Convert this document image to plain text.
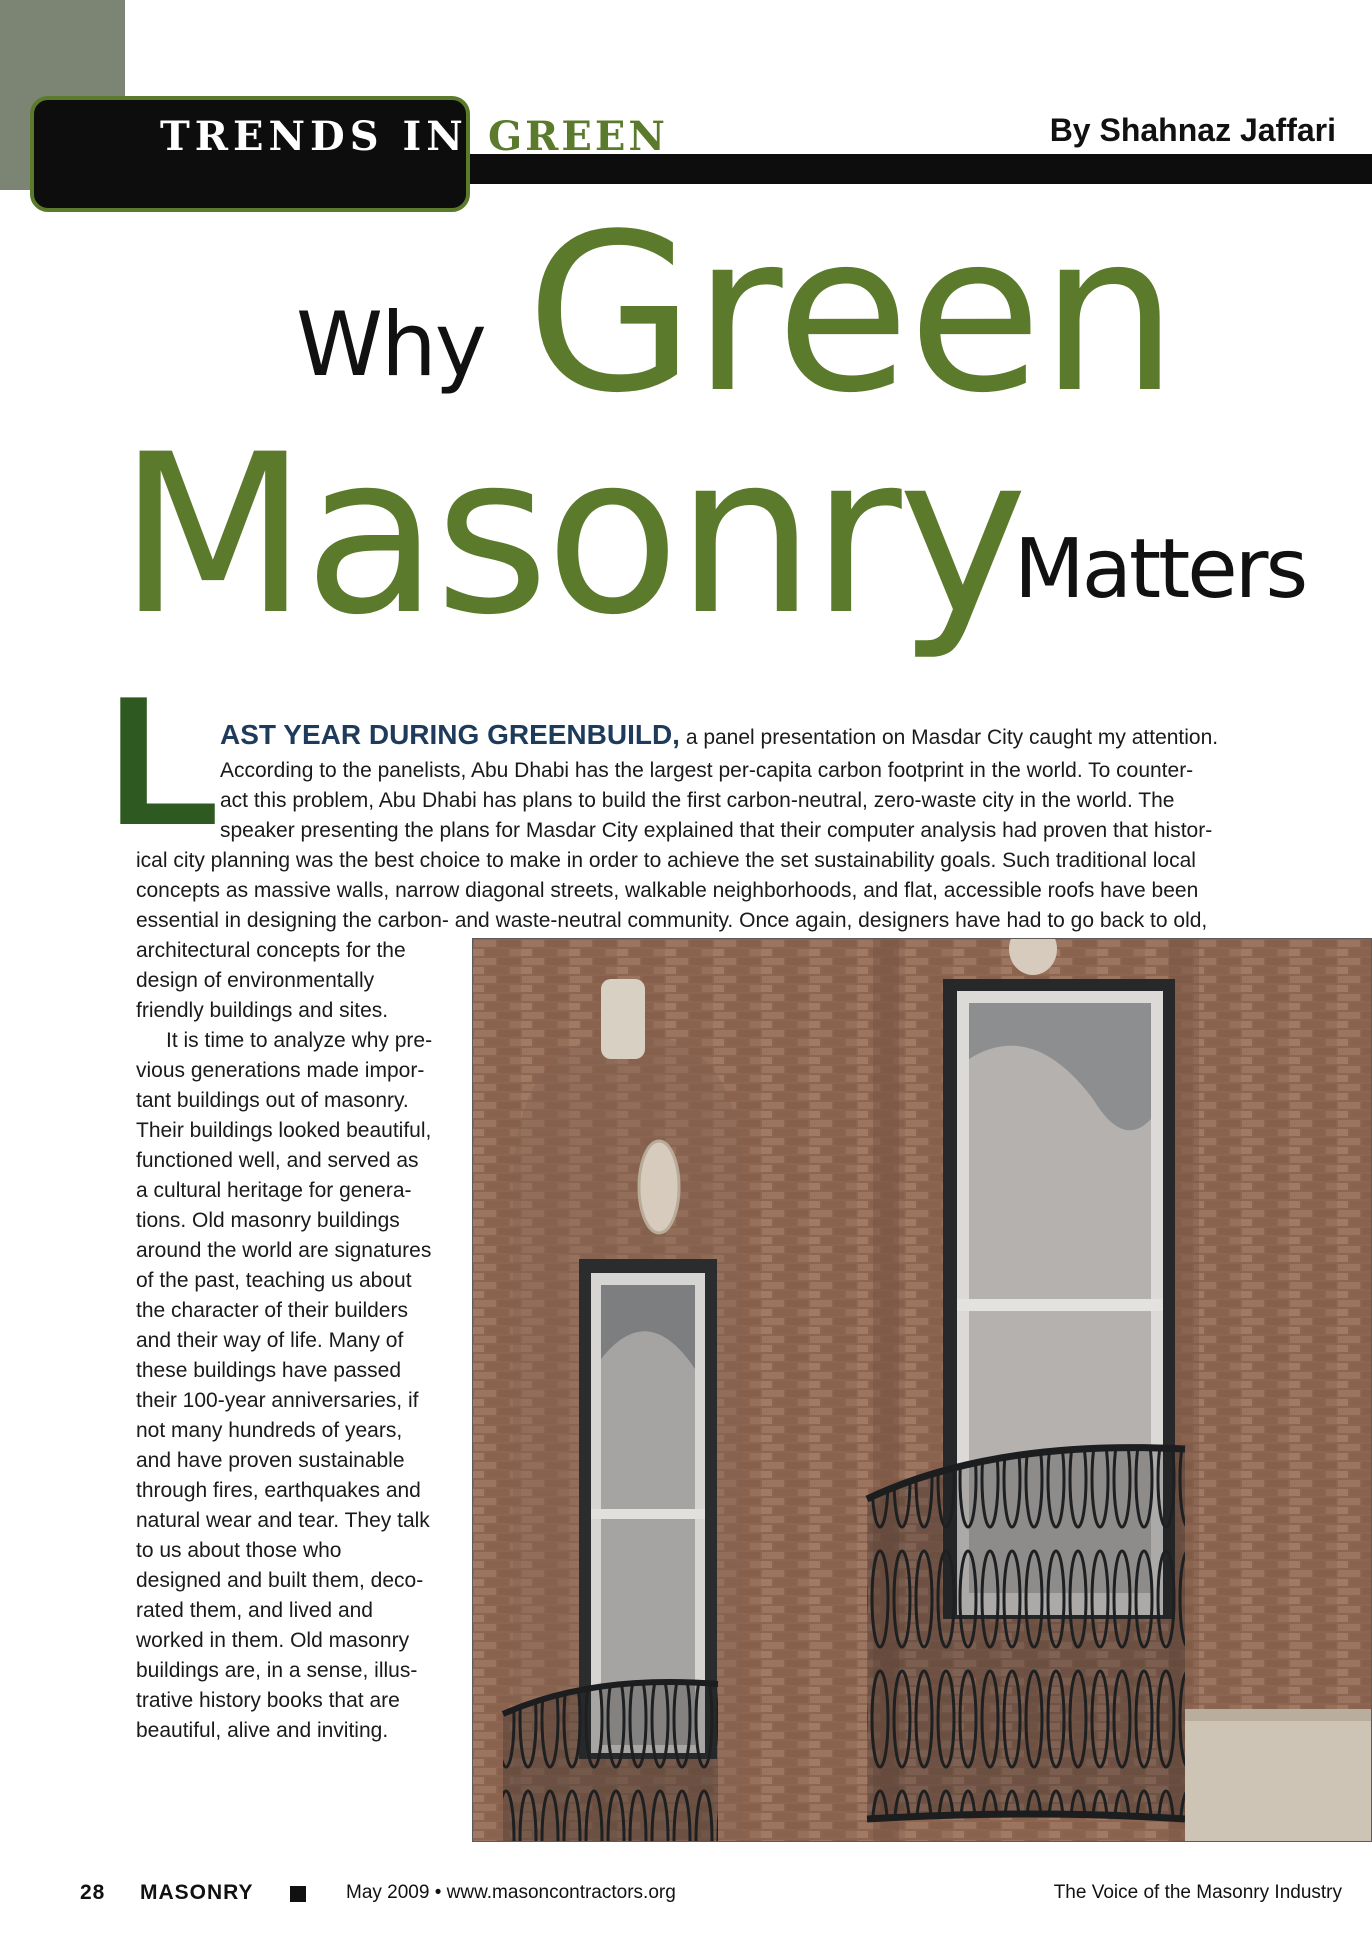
TRENDS IN GREEN	By Shahnaz Jaffari
Why Green
Masonry
Matters
L AST YEAR DURING GREENBUILD, a panel presentation on Masdar City caught my attention.
According to the panelists, Abu Dhabi has the largest per-capita carbon footprint in the world. To counter-
act this problem, Abu Dhabi has plans to build the first carbon-neutral, zero-waste city in the world. The
speaker presenting the plans for Masdar City explained that their computer analysis had proven that histor-
ical city planning was the best choice to make in order to achieve the set sustainability goals. Such traditional local
concepts as massive walls, narrow diagonal streets, walkable neighborhoods, and flat, accessible roofs have been
essential in designing the carbon- and waste-neutral community. Once again, designers have had to go back to old,
architectural concepts for the
design of environmentally
friendly buildings and sites.
It is time to analyze why pre-
vious generations made impor-
tant buildings out of masonry.
Their buildings looked beautiful,
functioned well, and served as
a cultural heritage for genera-
tions. Old masonry buildings
around the world are signatures
of the past, teaching us about
the character of their builders
and their way of life. Many of
these buildings have passed
their 100-year anniversaries, if
not many hundreds of years,
and have proven sustainable
through fires, earthquakes and
natural wear and tear. They talk
to us about those who
designed and built them, deco-
rated them, and lived and
worked in them. Old masonry
buildings are, in a sense, illus-
trative history books that are
beautiful, alive and inviting.
28 MASONRY	May 2009 • www.masoncontractors.org	The Voice of the Masonry Industry
